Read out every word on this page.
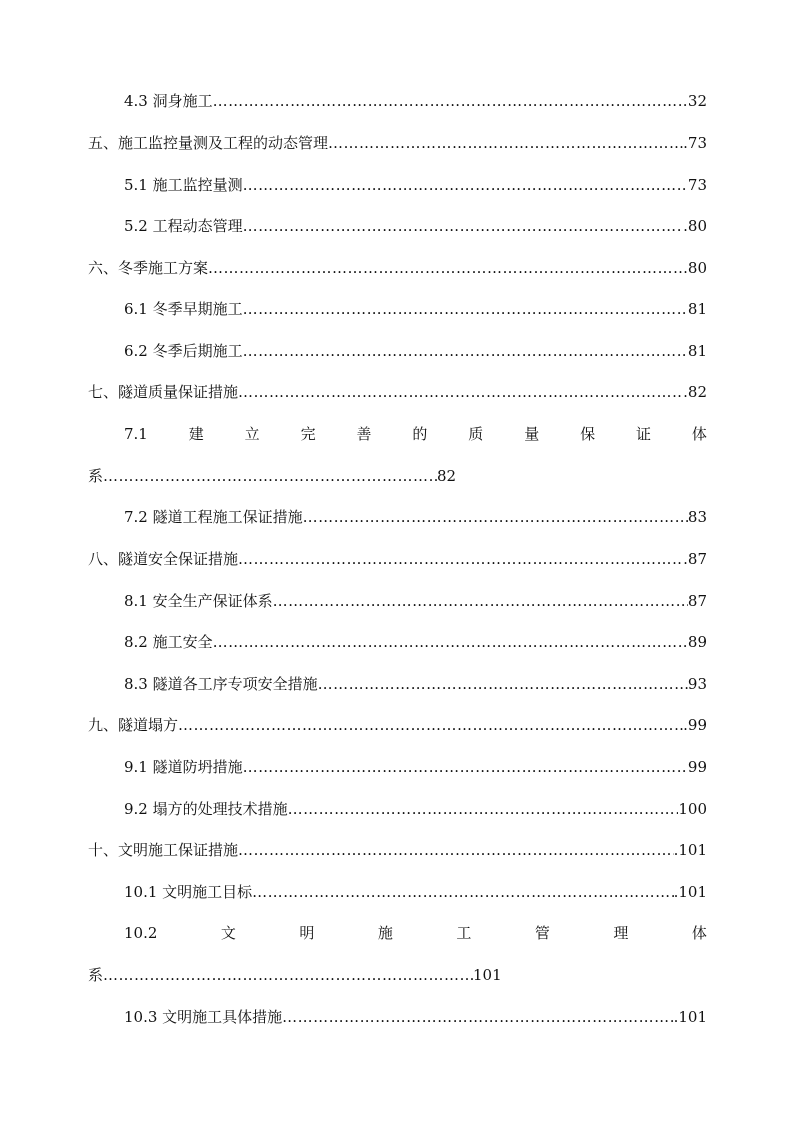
4.3 洞身施工 ……………………………………………………………………………………………………………………………………………………………………	32
五、施工监控量测及工程的动态管理 ……………………………………………………………………………………………………………………………………………………………………	.73
5.1 施工监控量测 ……………………………………………………………………………………………………………………………………………………………………	73
5.2 工程动态管理 ……………………………………………………………………………………………………………………………………………………………………	.80
六、冬季施工方案 ……………………………………………………………………………………………………………………………………………………………………	.80
6.1 冬季早期施工 ……………………………………………………………………………………………………………………………………………………………………	81
6.2 冬季后期施工 ……………………………………………………………………………………………………………………………………………………………………	81
七、隧道质量保证措施 ……………………………………………………………………………………………………………………………………………………………………	.82
7.1	建	立	完	善	的	质	量	保	证	体
系 ……………………………………………………………………………………………………………………………………………	82
7.2 隧道工程施工保证措施 ……………………………………………………………………………………………………………………………………………………………………	83
八、隧道安全保证措施 ……………………………………………………………………………………………………………………………………………………………………	.87
8.1 安全生产保证体系 ……………………………………………………………………………………………………………………………………………………………………	87
8.2 施工安全 ……………………………………………………………………………………………………………………………………………………………………	89
8.3 隧道各工序专项安全措施 ……………………………………………………………………………………………………………………………………………………………………	93
九、隧道塌方 ……………………………………………………………………………………………………………………………………………………………………	.99
9.1 隧道防坍措施 ……………………………………………………………………………………………………………………………………………………………………	99
9.2 塌方的处理技术措施 ……………………………………………………………………………………………………………………………………………………………………	100
十、文明施工保证措施 ……………………………………………………………………………………………………………………………………………………………………	.101
10.1 文明施工目标 ……………………………………………………………………………………………………………………………………………………………………	.101
10.2	文	明	施	工	管	理	体
系 ……………………………………………………………………………………………………………………………………………	101
10.3 文明施工具体措施 ……………………………………………………………………………………………………………………………………………………………………	.101
